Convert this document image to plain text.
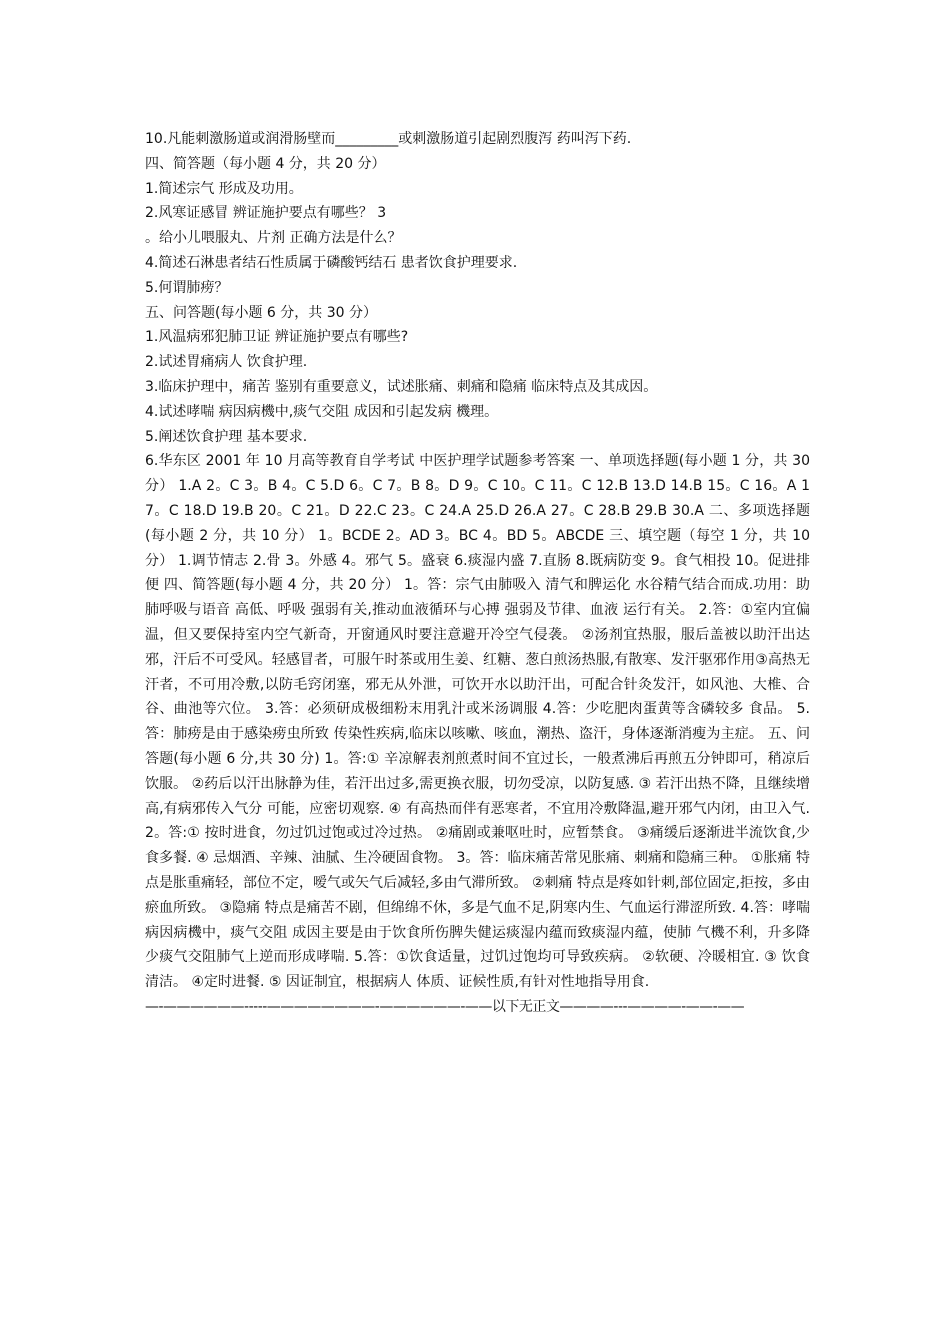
10.凡能刺激肠道或润滑肠壁而_________或刺激肠道引起剧烈腹泻 药叫泻下药.
四、简答题（每小题 4 分，共 20 分）
1.简述宗气 形成及功用。
2.风寒证感冒 辨证施护要点有哪些？ 3
。给小儿喂服丸、片剂 正确方法是什么？
4.简述石淋患者结石性质属于磷酸钙结石 患者饮食护理要求.
5.何谓肺痨？
五、问答题(每小题 6 分，共 30 分）
1.风温病邪犯肺卫证 辨证施护要点有哪些?
2.试述胃痛病人 饮食护理.
3.临床护理中，痛苦 鉴别有重要意义，试述胀痛、刺痛和隐痛 临床特点及其成因。
4.试述哮喘 病因病機中,痰气交阻 成因和引起发病 機理。
5.阐述饮食护理 基本要求.
6.华东区 2001 年 10 月高等教育自学考试 中医护理学试题参考答案 一、单项选择题(每小题 1 分，共 30 分） 1.A 2。C 3。B 4。C 5.D 6。C 7。B 8。D 9。C 10。C 11。C 12.B 13.D 14.B 15。C 16。A 17。C 18.D 19.B 20。C 21。D 22.C 23。C 24.A 25.D 26.A 27。C 28.B 29.B 30.A 二、多项选择题(每小题 2 分，共 10 分） 1。BCDE 2。AD 3。BC 4。BD 5。ABCDE 三、填空题（每空 1 分，共 10 分） 1.调节情志 2.骨 3。外感 4。邪气 5。盛衰 6.痰湿内盛 7.直肠 8.既病防变 9。食气相投 10。促进排便 四、简答题(每小题 4 分，共 20 分） 1。答：宗气由肺吸入 清气和脾运化 水谷精气结合而成.功用：助肺呼吸与语音 高低、呼吸 强弱有关,推动血液循环与心搏 强弱及节律、血液 运行有关。 2.答：①室内宜偏温，但又要保持室内空气新奇，开窗通风时要注意避开冷空气侵袭。 ②汤剂宜热服，服后盖被以助汗出达邪，汗后不可受风。轻感冒者，可服午时茶或用生姜、红糖、葱白煎汤热服,有散寒、发汗驱邪作用③高热无汗者，不可用冷敷,以防毛窍闭塞，邪无从外泄，可饮开水以助汗出，可配合针灸发汗，如风池、大椎、合谷、曲池等穴位。 3.答：必须研成极细粉末用乳汁或米汤调服 4.答：少吃肥肉蛋黄等含磷较多 食品。 5.答：肺痨是由于感染痨虫所致 传染性疾病,临床以咳嗽、咳血，潮热、盗汗，身体逐渐消瘦为主症。 五、问答题(每小题 6 分,共 30 分) 1。答:① 辛凉解表剂煎煮时间不宜过长，一般煮沸后再煎五分钟即可，稍凉后饮服。 ②药后以汗出脉静为佳，若汗出过多,需更换衣服，切勿受凉，以防复感. ③ 若汗出热不降，且继续增高,有病邪传入气分 可能，应密切观察. ④ 有高热而伴有恶寒者，不宜用冷敷降温,避开邪气内闭，由卫入气. 2。答:① 按时进食，勿过饥过饱或过冷过热。 ②痛剧或兼呕吐时，应暂禁食。 ③痛缓后逐渐进半流饮食,少食多餐. ④ 忌烟酒、辛辣、油腻、生冷硬固食物。 3。答：临床痛苦常见胀痛、刺痛和隐痛三种。 ①胀痛 特点是胀重痛轻，部位不定，嗳气或矢气后减轻,多由气滞所致。 ②刺痛 特点是疼如针刺,部位固定,拒按，多由瘀血所致。 ③隐痛 特点是痛苦不剧，但绵绵不休，多是气血不足,阴寒内生、气血运行滞涩所致. 4.答：哮喘 病因病機中，痰气交阻 成因主要是由于饮食所伤脾失健运痰湿内蕴而致痰湿内蕴，使肺 气機不利，升多降少痰气交阻肺气上逆而形成哮喘. 5.答：①饮食适量，过饥过饱均可导致疾病。 ②软硬、冷暖相宜. ③ 饮食清洁。 ④定时进餐. ⑤ 因证制宜，根据病人 体质、证候性质,有针对性地指导用食.
—-——————-----————————-——————-——以下无正文————---————-——-——
